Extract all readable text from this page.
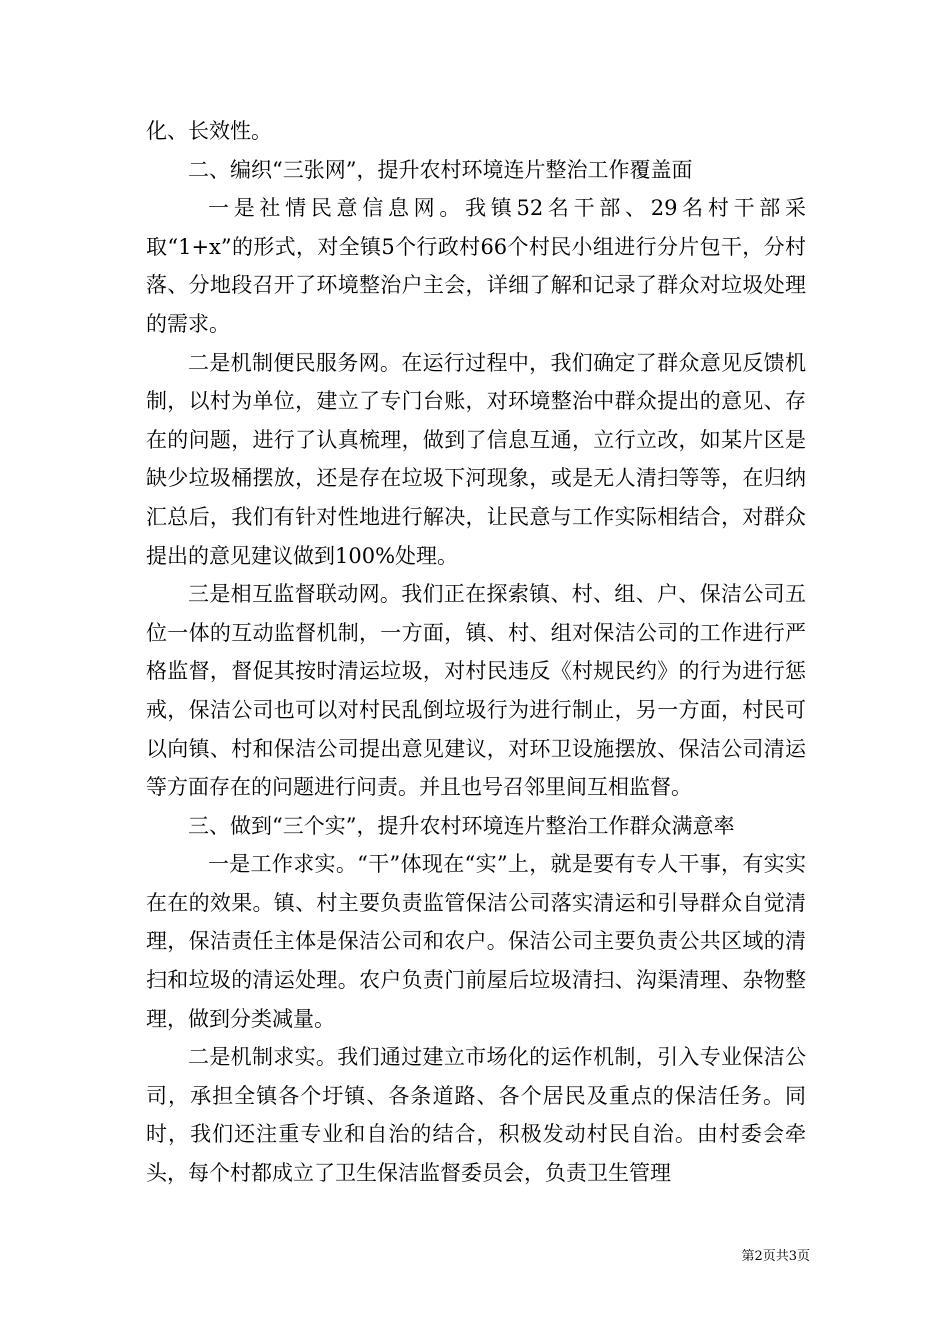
化、长效性。

二、编织“三张网”，提升农村环境连片整治工作覆盖面

一是社情民意信息网。我镇52名干部、29名村干部采取“1+x”的形式，对全镇5个行政村66个村民小组进行分片包干，分村落、分地段召开了环境整治户主会，详细了解和记录了群众对垃圾处理的需求。

二是机制便民服务网。在运行过程中，我们确定了群众意见反馈机制，以村为单位，建立了专门台账，对环境整治中群众提出的意见、存在的问题，进行了认真梳理，做到了信息互通，立行立改，如某片区是缺少垃圾桶摆放，还是存在垃圾下河现象，或是无人清扫等等，在归纳汇总后，我们有针对性地进行解决，让民意与工作实际相结合，对群众提出的意见建议做到100%处理。

三是相互监督联动网。我们正在探索镇、村、组、户、保洁公司五位一体的互动监督机制，一方面，镇、村、组对保洁公司的工作进行严格监督，督促其按时清运垃圾，对村民违反《村规民约》的行为进行惩戒，保洁公司也可以对村民乱倒垃圾行为进行制止，另一方面，村民可以向镇、村和保洁公司提出意见建议，对环卫设施摆放、保洁公司清运等方面存在的问题进行问责。并且也号召邻里间互相监督。

三、做到“三个实”，提升农村环境连片整治工作群众满意率

一是工作求实。“干”体现在“实”上，就是要有专人干事，有实实在在的效果。镇、村主要负责监管保洁公司落实清运和引导群众自觉清理，保洁责任主体是保洁公司和农户。保洁公司主要负责公共区域的清扫和垃圾的清运处理。农户负责门前屋后垃圾清扫、沟渠清理、杂物整理，做到分类减量。

二是机制求实。我们通过建立市场化的运作机制，引入专业保洁公司，承担全镇各个圩镇、各条道路、各个居民及重点的保洁任务。同时，我们还注重专业和自治的结合，积极发动村民自治。由村委会牵头，每个村都成立了卫生保洁监督委员会，负责卫生管理

第2页共3页
